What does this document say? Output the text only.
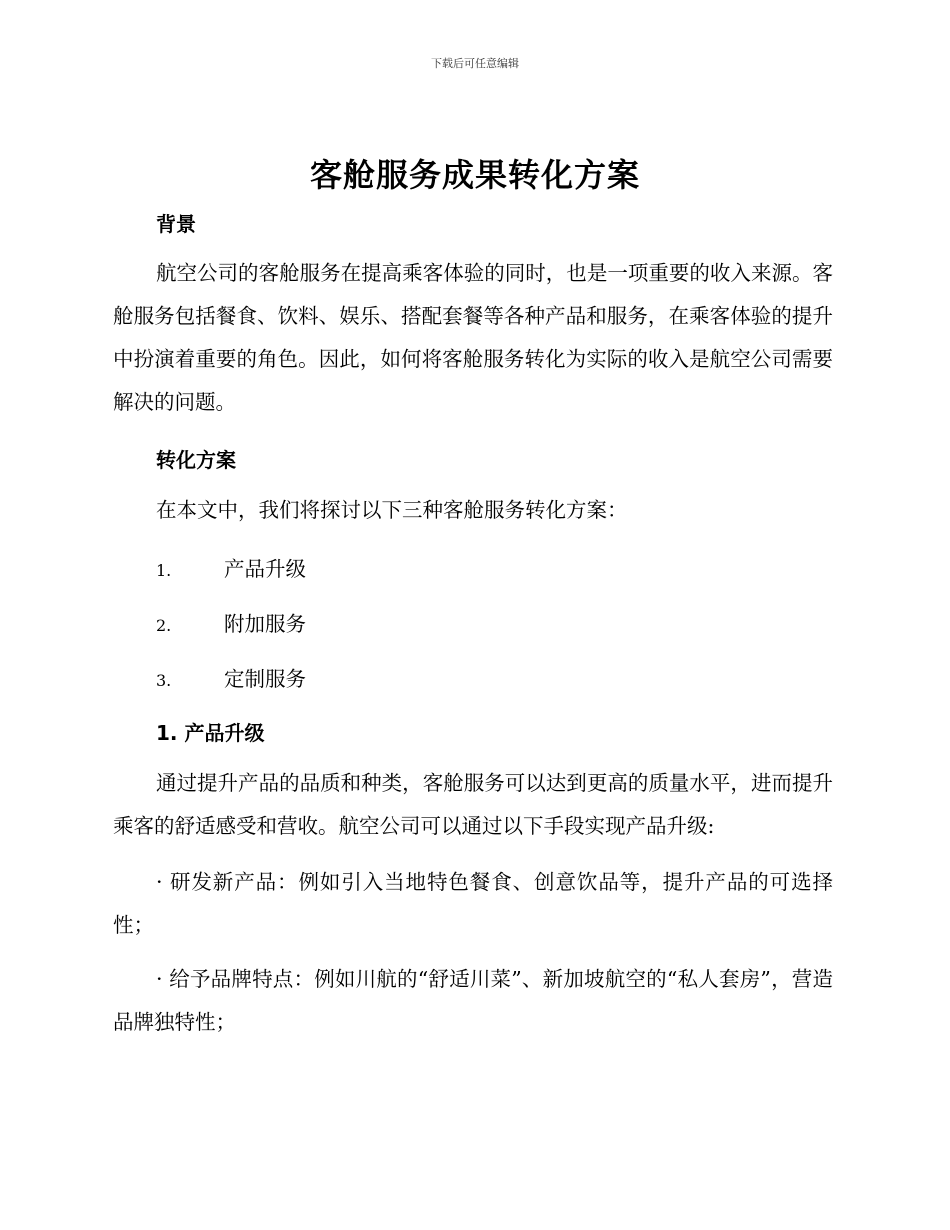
下载后可任意编辑
客舱服务成果转化方案
背景
航空公司的客舱服务在提高乘客体验的同时，也是一项重要的收入来源。客舱服务包括餐食、饮料、娱乐、搭配套餐等各种产品和服务，在乘客体验的提升中扮演着重要的角色。因此，如何将客舱服务转化为实际的收入是航空公司需要解决的问题。
转化方案
在本文中，我们将探讨以下三种客舱服务转化方案：
1.	产品升级
2.	附加服务
3.	定制服务
1. 产品升级
通过提升产品的品质和种类，客舱服务可以达到更高的质量水平，进而提升乘客的舒适感受和营收。航空公司可以通过以下手段实现产品升级:
· 研发新产品：例如引入当地特色餐食、创意饮品等，提升产品的可选择性；
· 给予品牌特点：例如川航的“舒适川菜”、新加坡航空的“私人套房”，营造品牌独特性；
